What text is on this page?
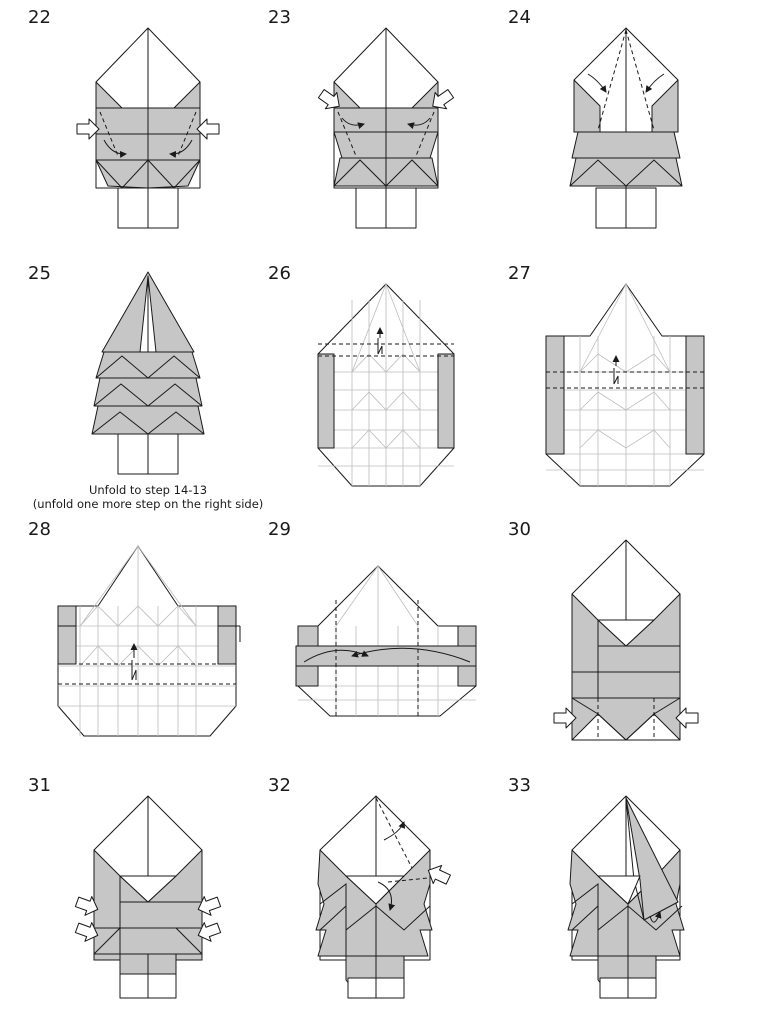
22	23	24
25	26	27
28	29	30
31	32	33
Unfold to step 14-13
(unfold one more step on the right side)
